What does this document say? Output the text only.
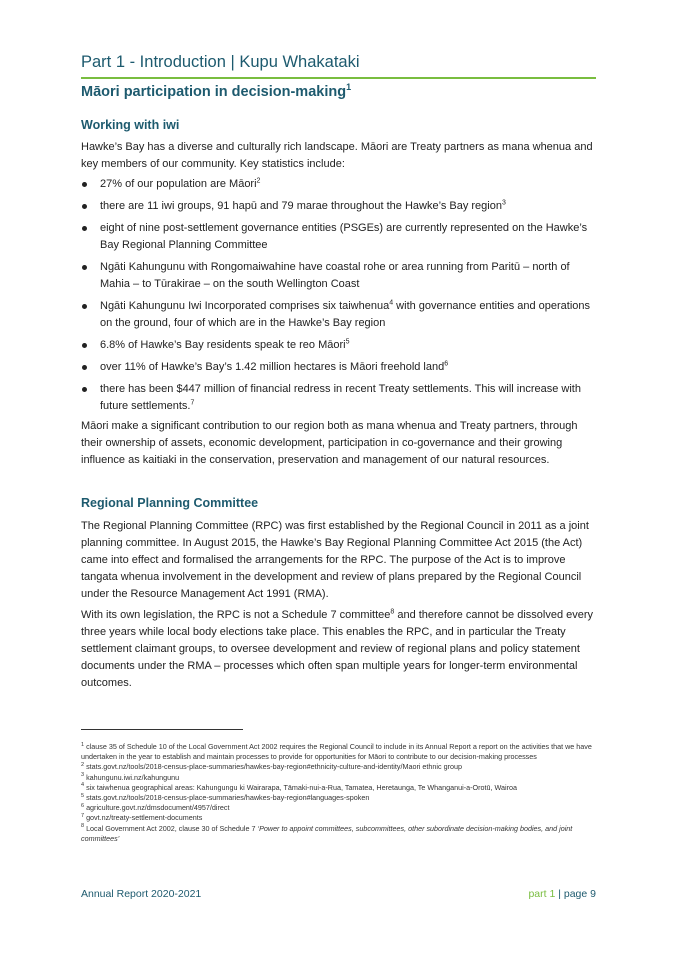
Part 1 - Introduction | Kupu Whakataki
Māori participation in decision-making$^1$
Working with iwi
Hawke’s Bay has a diverse and culturally rich landscape. Māori are Treaty partners as mana whenua and key members of our community. Key statistics include:
27% of our population are Māori$^2$
there are 11 iwi groups, 91 hapū and 79 marae throughout the Hawke’s Bay region$^3$
eight of nine post-settlement governance entities (PSGEs) are currently represented on the Hawke’s Bay Regional Planning Committee
Ngāti Kahungunu with Rongomaiwahine have coastal rohe or area running from Paritū – north of Mahia – to Tūrakirae – on the south Wellington Coast
Ngāti Kahungunu Iwi Incorporated comprises six taiwhenua$^4$ with governance entities and operations on the ground, four of which are in the Hawke’s Bay region
6.8% of Hawke’s Bay residents speak te reo Māori$^5$
over 11% of Hawke’s Bay’s 1.42 million hectares is Māori freehold land$^6$
there has been $447 million of financial redress in recent Treaty settlements. This will increase with future settlements.$^7$
Māori make a significant contribution to our region both as mana whenua and Treaty partners, through their ownership of assets, economic development, participation in co-governance and their growing influence as kaitiaki in the conservation, preservation and management of our natural resources.
Regional Planning Committee
The Regional Planning Committee (RPC) was first established by the Regional Council in 2011 as a joint planning committee. In August 2015, the Hawke’s Bay Regional Planning Committee Act 2015 (the Act) came into effect and formalised the arrangements for the RPC. The purpose of the Act is to improve tangata whenua involvement in the development and review of plans prepared by the Regional Council under the Resource Management Act 1991 (RMA).
With its own legislation, the RPC is not a Schedule 7 committee$^8$ and therefore cannot be dissolved every three years while local body elections take place. This enables the RPC, and in particular the Treaty settlement claimant groups, to oversee development and review of regional plans and policy statement documents under the RMA – processes which often span multiple years for longer-term environmental outcomes.
$^1$ clause 35 of Schedule 10 of the Local Government Act 2002 requires the Regional Council to include in its Annual Report a report on the activities that we have undertaken in the year to establish and maintain processes to provide for opportunities for Māori to contribute to our decision-making processes
$^2$ stats.govt.nz/tools/2018-census-place-summaries/hawkes-bay-region#ethnicity-culture-and-identity/Maori ethnic group
$^3$ kahungunu.iwi.nz/kahungunu
$^4$ six taiwhenua geographical areas: Kahungungu ki Wairarapa, Tāmaki-nui-a-Rua, Tamatea, Heretaunga, Te Whanganui-a-Orotū, Wairoa
$^5$ stats.govt.nz/tools/2018-census-place-summaries/hawkes-bay-region#languages-spoken
$^6$ agriculture.govt.nz/dmsdocument/4957/direct
$^7$ govt.nz/treaty-settlement-documents
$^8$ Local Government Act 2002, clause 30 of Schedule 7 ‘Power to appoint committees, subcommittees, other subordinate decision-making bodies, and joint committees’
Annual Report 2020-2021	part 1 | page 9
